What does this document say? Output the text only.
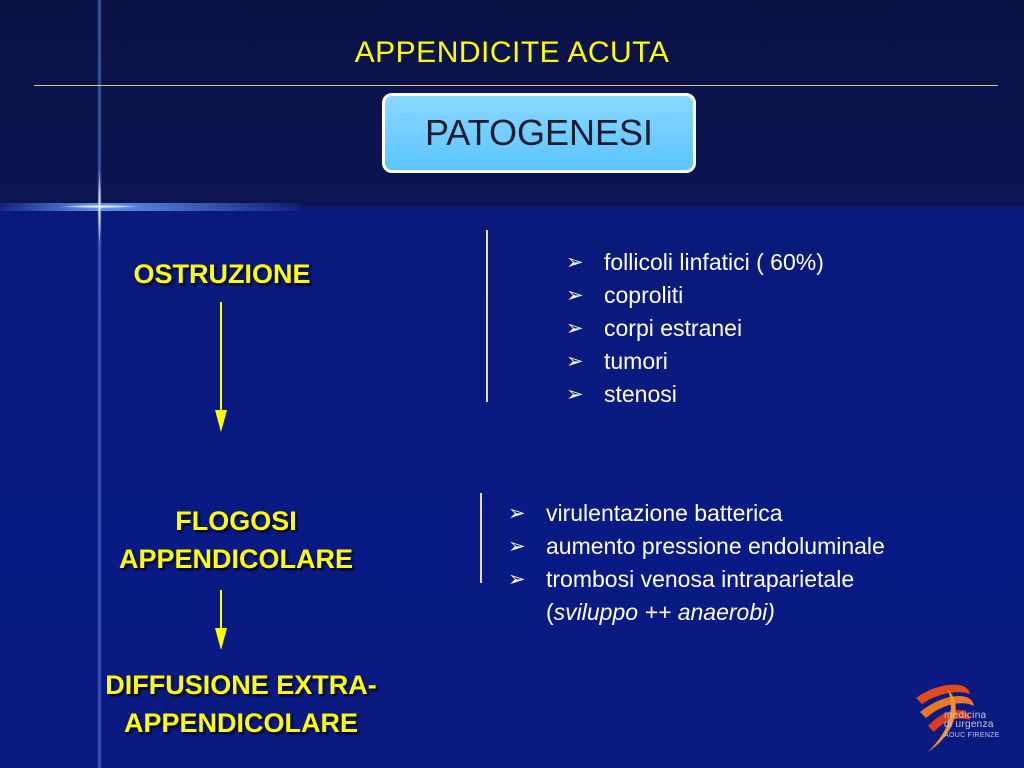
APPENDICITE ACUTA
PATOGENESI
OSTRUZIONE
FLOGOSI
APPENDICOLARE
DIFFUSIONE EXTRA-
APPENDICOLARE
➢ follicoli linfatici ( 60%)
➢ coproliti
➢ corpi estranei
➢ tumori
➢ stenosi
➢ virulentazione batterica
➢ aumento pressione endoluminale
➢ trombosi venosa intraparietale
(sviluppo ++ anaerobi)
medicina
di urgenza
AOUC FIRENZE
